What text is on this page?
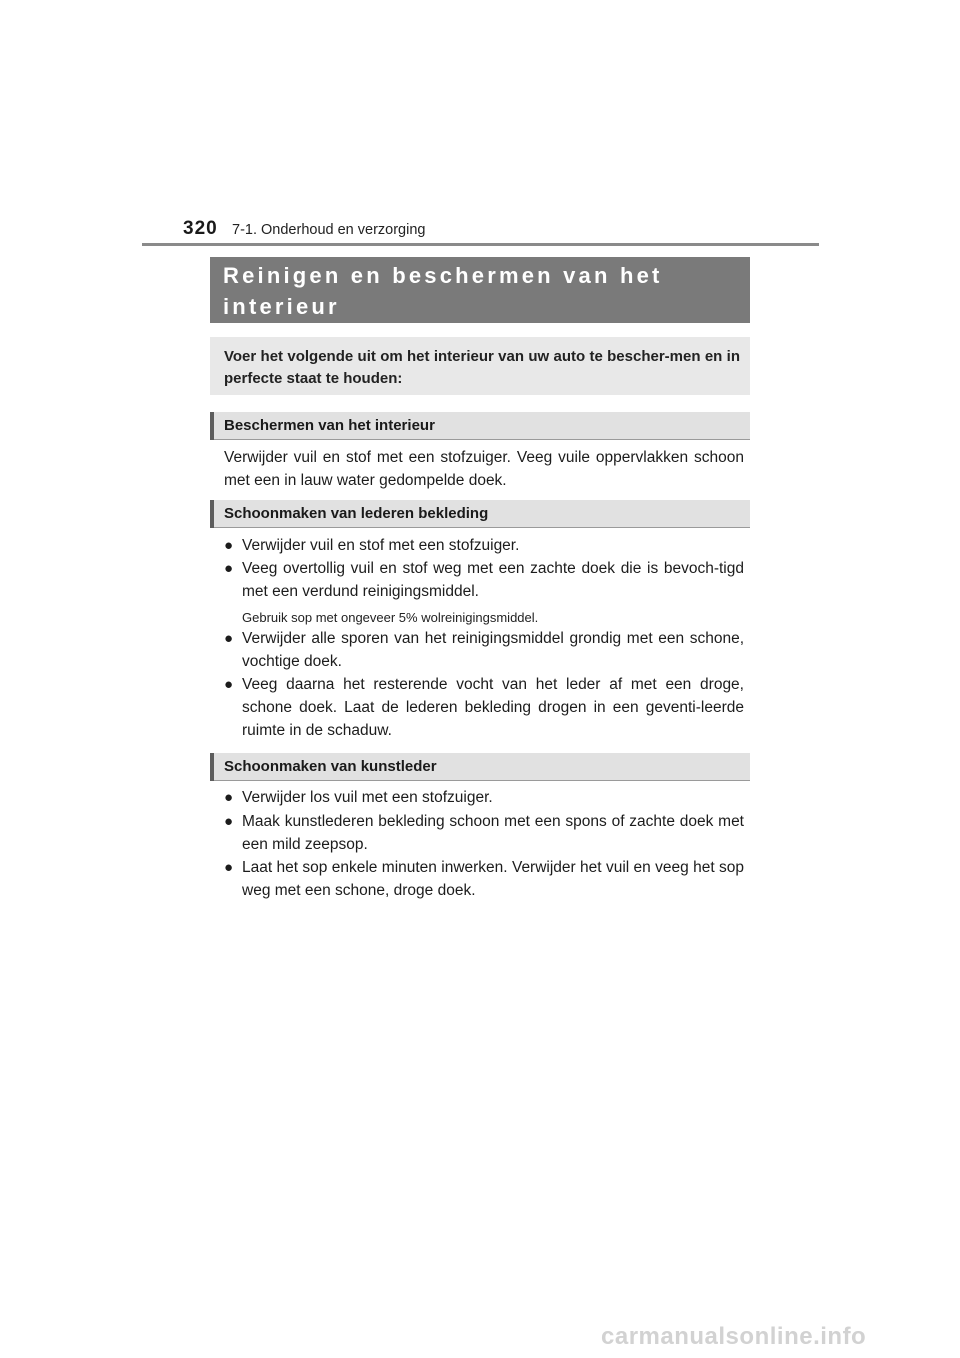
320 7-1. Onderhoud en verzorging
Reinigen en beschermen van het interieur
Voer het volgende uit om het interieur van uw auto te bescher-men en in perfecte staat te houden:
Beschermen van het interieur
Verwijder vuil en stof met een stofzuiger. Veeg vuile oppervlakken schoon met een in lauw water gedompelde doek.
Schoonmaken van lederen bekleding
● Verwijder vuil en stof met een stofzuiger.
● Veeg overtollig vuil en stof weg met een zachte doek die is bevoch-tigd met een verdund reinigingsmiddel.
Gebruik sop met ongeveer 5% wolreinigingsmiddel.
● Verwijder alle sporen van het reinigingsmiddel grondig met een schone, vochtige doek.
● Veeg daarna het resterende vocht van het leder af met een droge, schone doek. Laat de lederen bekleding drogen in een geventi-leerde ruimte in de schaduw.
Schoonmaken van kunstleder
● Verwijder los vuil met een stofzuiger.
● Maak kunstlederen bekleding schoon met een spons of zachte doek met een mild zeepsop.
● Laat het sop enkele minuten inwerken. Verwijder het vuil en veeg het sop weg met een schone, droge doek.
carmanualsonline.info
